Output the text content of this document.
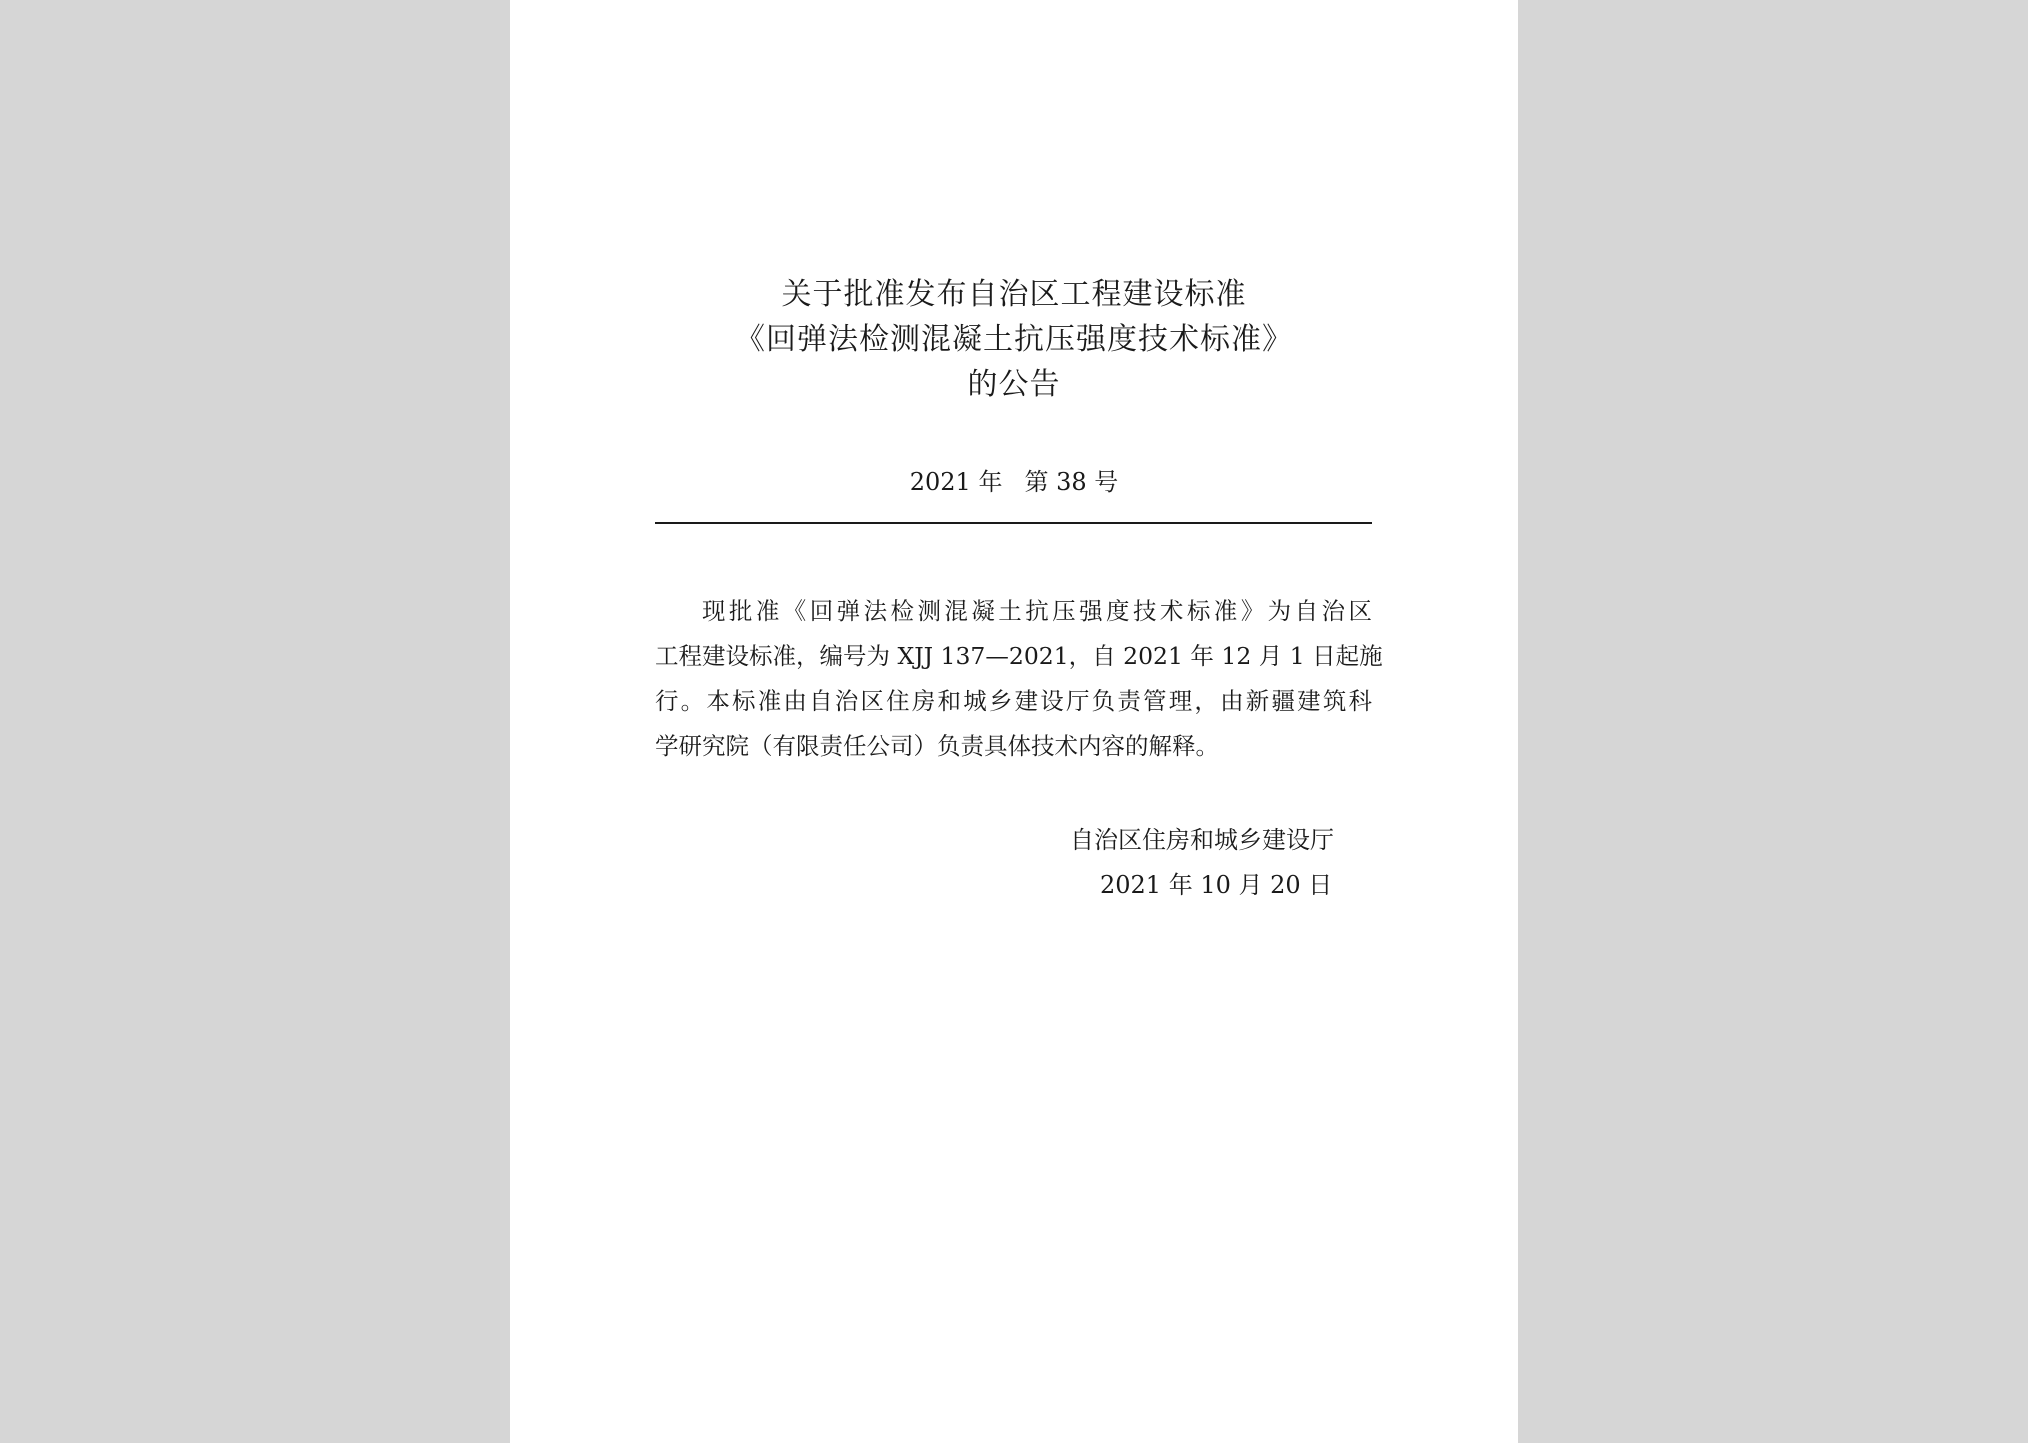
关于批准发布自治区工程建设标准
《回弹法检测混凝土抗压强度技术标准》
的公告
2021 年 第 38 号
现批准《回弹法检测混凝土抗压强度技术标准》为自治区
工程建设标准，编号为 XJJ 137—2021，自 2021 年 12 月 1 日起施
行。本标准由自治区住房和城乡建设厅负责管理，由新疆建筑科
学研究院（有限责任公司）负责具体技术内容的解释。
自治区住房和城乡建设厅
2021 年 10 月 20 日
